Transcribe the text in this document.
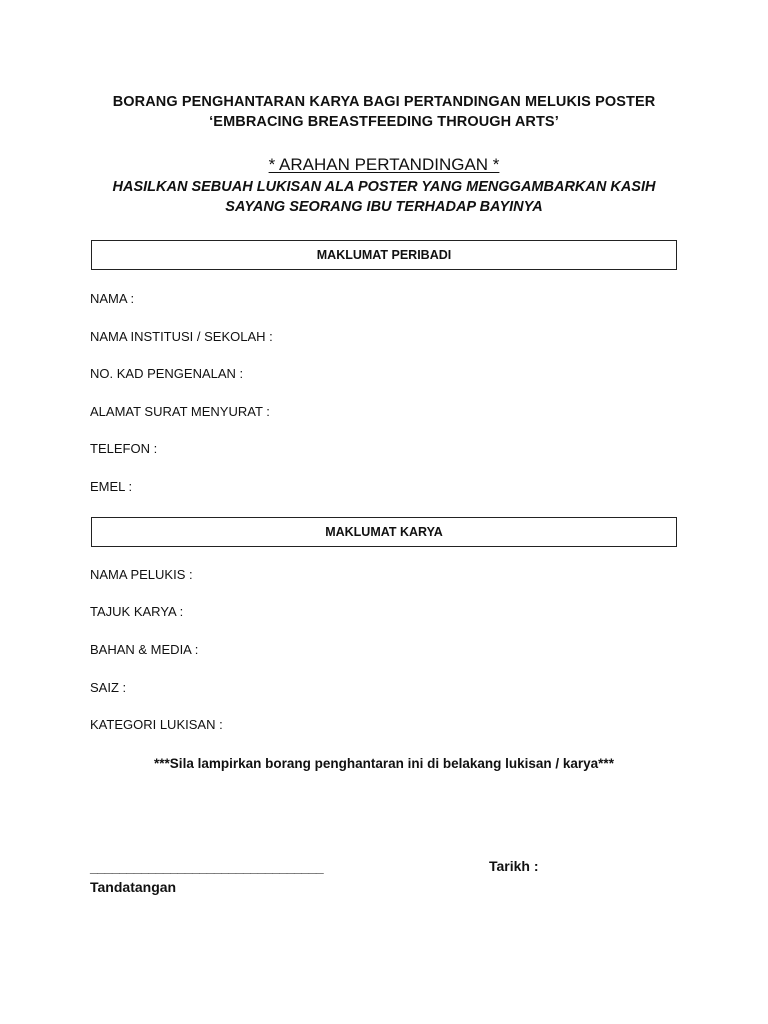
BORANG PENGHANTARAN KARYA BAGI PERTANDINGAN MELUKIS POSTER
‘EMBRACING BREASTFEEDING THROUGH ARTS’
* ARAHAN PERTANDINGAN *
HASILKAN SEBUAH LUKISAN ALA POSTER YANG MENGGAMBARKAN KASIH
SAYANG SEORANG IBU TERHADAP BAYINYA
MAKLUMAT PERIBADI
NAMA :
NAMA INSTITUSI / SEKOLAH :
NO. KAD PENGENALAN :
ALAMAT SURAT MENYURAT :
TELEFON :
EMEL :
MAKLUMAT KARYA
NAMA PELUKIS :
TAJUK KARYA :
BAHAN & MEDIA :
SAIZ :
KATEGORI LUKISAN :
***Sila lampirkan borang penghantaran ini di belakang lukisan / karya***
________________________________
Tandatangan
Tarikh :
